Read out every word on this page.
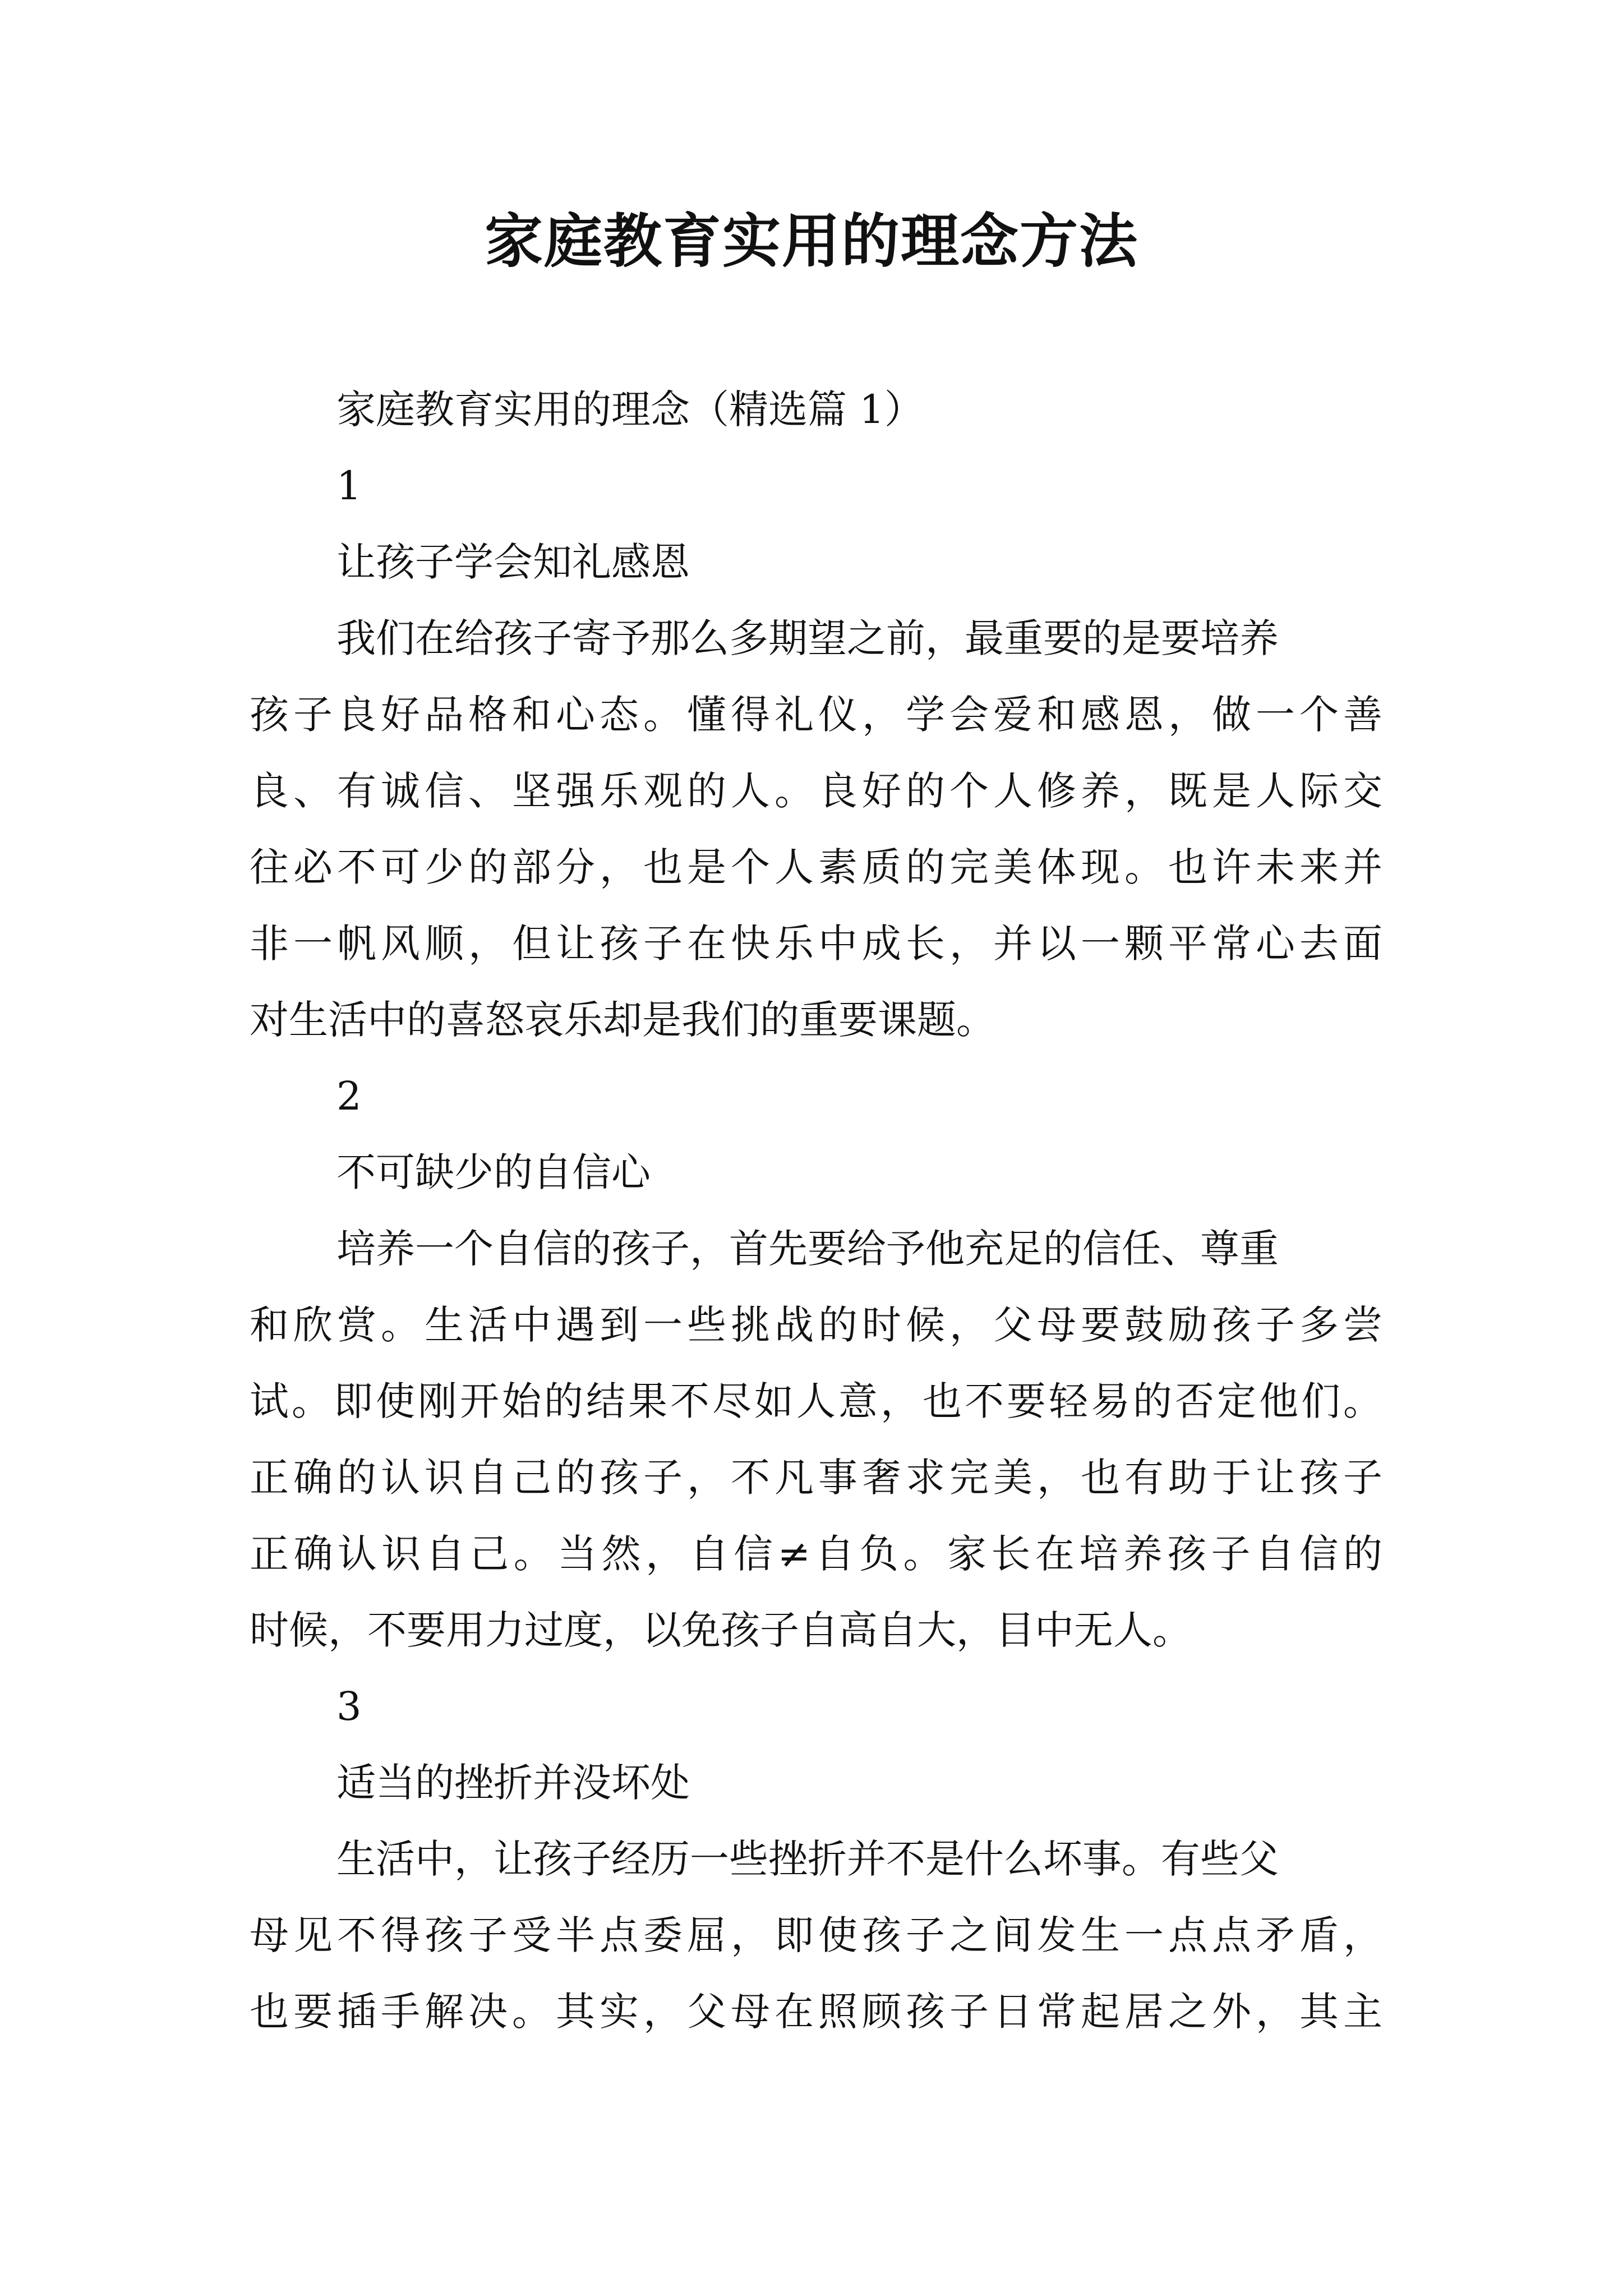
家庭教育实用的理念方法

家庭教育实用的理念（精选篇 1）

1

让孩子学会知礼感恩

我们在给孩子寄予那么多期望之前，最重要的是要培养

孩子良好品格和心态。懂得礼仪，学会爱和感恩，做一个善

良、有诚信、坚强乐观的人。良好的个人修养，既是人际交

往必不可少的部分，也是个人素质的完美体现。也许未来并

非一帆风顺，但让孩子在快乐中成长，并以一颗平常心去面

对生活中的喜怒哀乐却是我们的重要课题。

2

不可缺少的自信心

培养一个自信的孩子，首先要给予他充足的信任、尊重

和欣赏。生活中遇到一些挑战的时候，父母要鼓励孩子多尝

试。即使刚开始的结果不尽如人意，也不要轻易的否定他们。

正确的认识自己的孩子，不凡事奢求完美，也有助于让孩子

正确认识自己。当然，自信≠自负。家长在培养孩子自信的

时候，不要用力过度，以免孩子自高自大，目中无人。

3

适当的挫折并没坏处

生活中，让孩子经历一些挫折并不是什么坏事。有些父

母见不得孩子受半点委屈，即使孩子之间发生一点点矛盾，

也要插手解决。其实，父母在照顾孩子日常起居之外，其主
